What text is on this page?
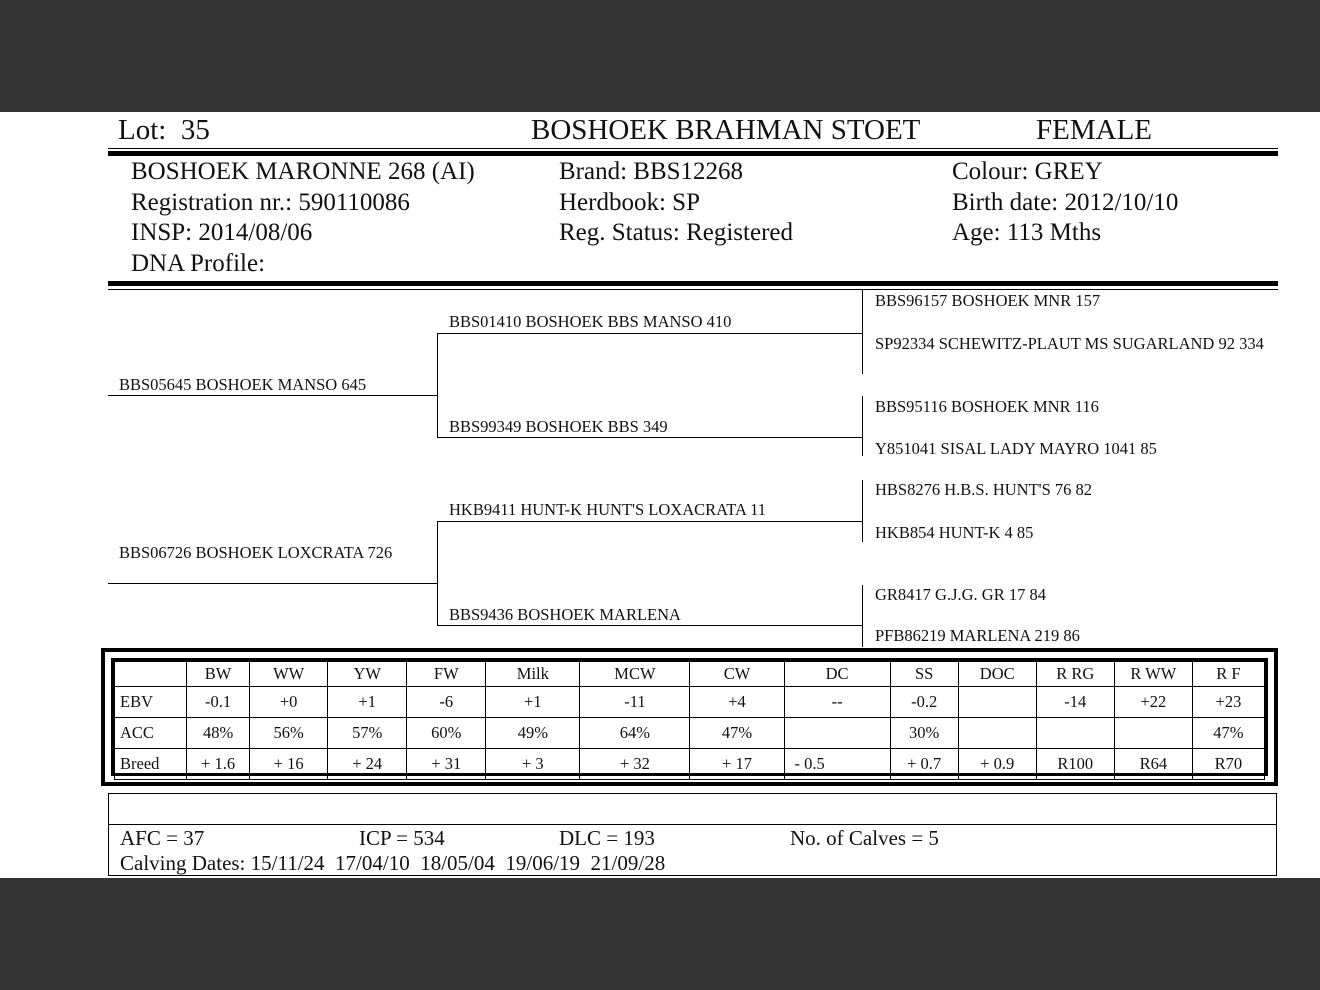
Lot: 35	BOSHOEK BRAHMAN STOET	FEMALE
BOSHOEK MARONNE 268 (AI)
Registration nr.: 590110086
INSP: 2014/08/06
DNA Profile:
Brand: BBS12268
Herdbook: SP
Reg. Status: Registered
Colour: GREY
Birth date: 2012/10/10
Age: 113 Mths
BBS05645 BOSHOEK MANSO 645
BBS06726 BOSHOEK LOXCRATA 726
BBS01410 BOSHOEK BBS MANSO 410
BBS99349 BOSHOEK BBS 349
HKB9411 HUNT-K HUNT'S LOXACRATA 11
BBS9436 BOSHOEK MARLENA
BBS96157 BOSHOEK MNR 157
SP92334 SCHEWITZ-PLAUT MS SUGARLAND 92 334
BBS95116 BOSHOEK MNR 116
Y851041 SISAL LADY MAYRO 1041 85
HBS8276 H.B.S. HUNT'S 76 82
HKB854 HUNT-K 4 85
GR8417 G.J.G. GR 17 84
PFB86219 MARLENA 219 86
	BW	WW	YW	FW	Milk	MCW	CW	DC	SS	DOC	R RG	R WW	R F
EBV	-0.1	+0	+1	-6	+1	-11	+4	--	-0.2		-14	+22	+23
ACC	48%	56%	57%	60%	49%	64%	47%		30%				47%
Breed	+ 1.6	+ 16	+ 24	+ 31	+ 3	+ 32	+ 17	- 0.5	+ 0.7	+ 0.9	R100	R64	R70
AFC = 37	ICP = 534	DLC = 193	No. of Calves = 5
Calving Dates: 15/11/24  17/04/10  18/05/04  19/06/19  21/09/28
